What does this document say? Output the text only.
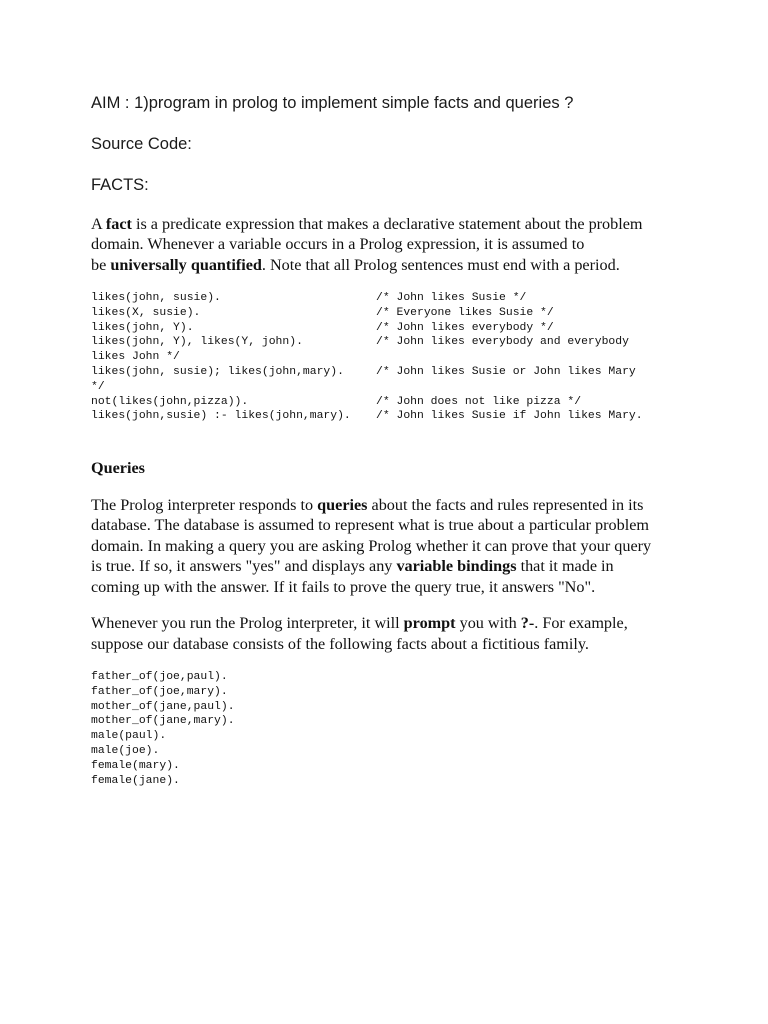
AIM : 1)program in prolog to implement simple facts and queries ?
Source Code:
FACTS:
A fact is a predicate expression that makes a declarative statement about the problem
domain. Whenever a variable occurs in a Prolog expression, it is assumed to
be universally quantified. Note that all Prolog sentences must end with a period.
likes(john, susie).	/* John likes Susie */
likes(X, susie).	/* Everyone likes Susie */
likes(john, Y).	/* John likes everybody */
likes(john, Y), likes(Y, john).	/* John likes everybody and everybody
likes John */
likes(john, susie); likes(john,mary).	/* John likes Susie or John likes Mary
*/
not(likes(john,pizza)).	/* John does not like pizza */
likes(john,susie) :- likes(john,mary). /* John likes Susie if John likes Mary.
Queries
The Prolog interpreter responds to queries about the facts and rules represented in its
database. The database is assumed to represent what is true about a particular problem
domain. In making a query you are asking Prolog whether it can prove that your query
is true. If so, it answers "yes" and displays any variable bindings that it made in
coming up with the answer. If it fails to prove the query true, it answers "No".
Whenever you run the Prolog interpreter, it will prompt you with ?-. For example,
suppose our database consists of the following facts about a fictitious family.
father_of(joe,paul).
father_of(joe,mary).
mother_of(jane,paul).
mother_of(jane,mary).
male(paul).
male(joe).
female(mary).
female(jane).
